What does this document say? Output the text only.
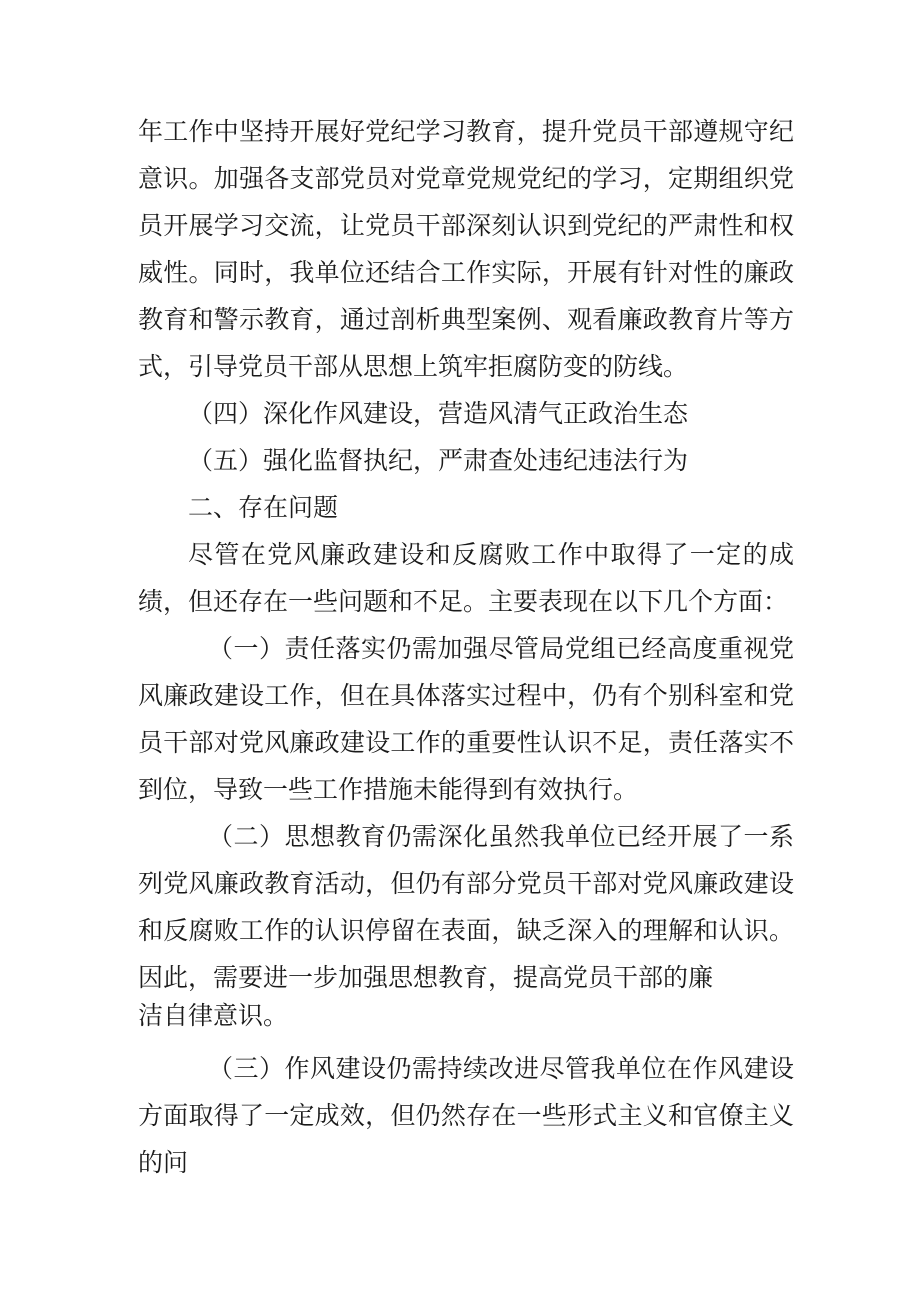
年工作中坚持开展好党纪学习教育，提升党员干部遵规守纪意识。加强各支部党员对党章党规党纪的学习，定期组织党员开展学习交流，让党员干部深刻认识到党纪的严肃性和权威性。同时，我单位还结合工作实际，开展有针对性的廉政教育和警示教育，通过剖析典型案例、观看廉政教育片等方式，引导党员干部从思想上筑牢拒腐防变的防线。

（四）深化作风建设，营造风清气正政治生态

（五）强化监督执纪，严肃查处违纪违法行为

二、存在问题

尽管在党风廉政建设和反腐败工作中取得了一定的成绩，但还存在一些问题和不足。主要表现在以下几个方面：

（一）责任落实仍需加强尽管局党组已经高度重视党风廉政建设工作，但在具体落实过程中，仍有个别科室和党员干部对党风廉政建设工作的重要性认识不足，责任落实不到位，导致一些工作措施未能得到有效执行。

（二）思想教育仍需深化虽然我单位已经开展了一系列党风廉政教育活动，但仍有部分党员干部对党风廉政建设和反腐败工作的认识停留在表面，缺乏深入的理解和认识。因此，需要进一步加强思想教育，提高党员干部的廉

洁自律意识。

（三）作风建设仍需持续改进尽管我单位在作风建设方面取得了一定成效，但仍然存在一些形式主义和官僚主义的问
